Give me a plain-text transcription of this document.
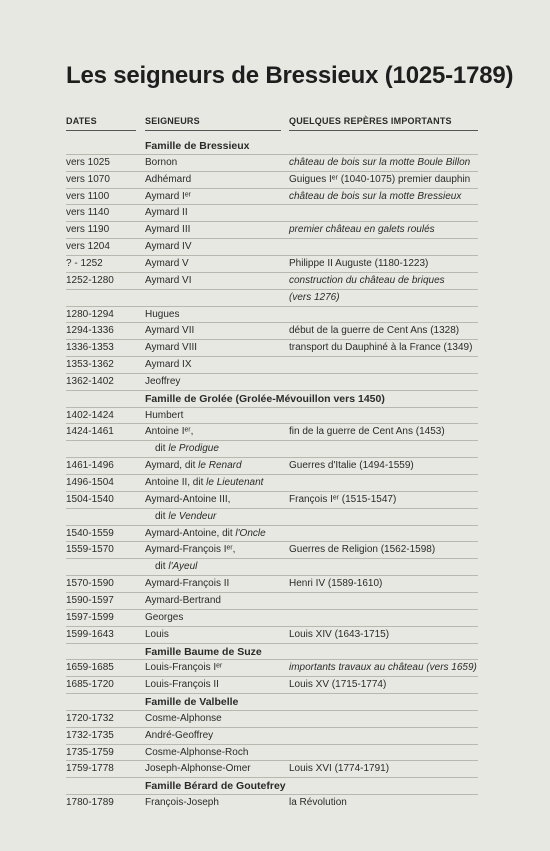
Les seigneurs de Bressieux (1025-1789)
DATES	SEIGNEURS	QUELQUES REPÈRES IMPORTANTS
Famille de Bressieux
vers 1025	Bornon	château de bois sur la motte Boule Billon
vers 1070	Adhémard	Guigues Iᵉʳ (1040-1075) premier dauphin
vers 1100	Aymard Iᵉʳ	château de bois sur la motte Bressieux
vers 1140	Aymard II
vers 1190	Aymard III	premier château en galets roulés
vers 1204	Aymard IV
? - 1252	Aymard V	Philippe II Auguste (1180-1223)
1252-1280	Aymard VI	construction du château de briques
(vers 1276)
1280-1294	Hugues
1294-1336	Aymard VII	début de la guerre de Cent Ans (1328)
1336-1353	Aymard VIII	transport du Dauphiné à la France (1349)
1353-1362	Aymard IX
1362-1402	Jeoffrey
Famille de Grolée (Grolée-Mévouillon vers 1450)
1402-1424	Humbert
1424-1461	Antoine Iᵉʳ,	fin de la guerre de Cent Ans (1453)
dit le Prodigue
1461-1496	Aymard, dit le Renard	Guerres d'Italie (1494-1559)
1496-1504	Antoine II, dit le Lieutenant
1504-1540	Aymard-Antoine III,	François Iᵉʳ (1515-1547)
dit le Vendeur
1540-1559	Aymard-Antoine, dit l'Oncle
1559-1570	Aymard-François Iᵉʳ,	Guerres de Religion (1562-1598)
dit l'Ayeul
1570-1590	Aymard-François II	Henri IV (1589-1610)
1590-1597	Aymard-Bertrand
1597-1599	Georges
1599-1643	Louis	Louis XIV (1643-1715)
Famille Baume de Suze
1659-1685	Louis-François Iᵉʳ	importants travaux au château (vers 1659)
1685-1720	Louis-François II	Louis XV (1715-1774)
Famille de Valbelle
1720-1732	Cosme-Alphonse
1732-1735	André-Geoffrey
1735-1759	Cosme-Alphonse-Roch
1759-1778	Joseph-Alphonse-Omer	Louis XVI (1774-1791)
Famille Bérard de Goutefrey
1780-1789	François-Joseph	la Révolution
